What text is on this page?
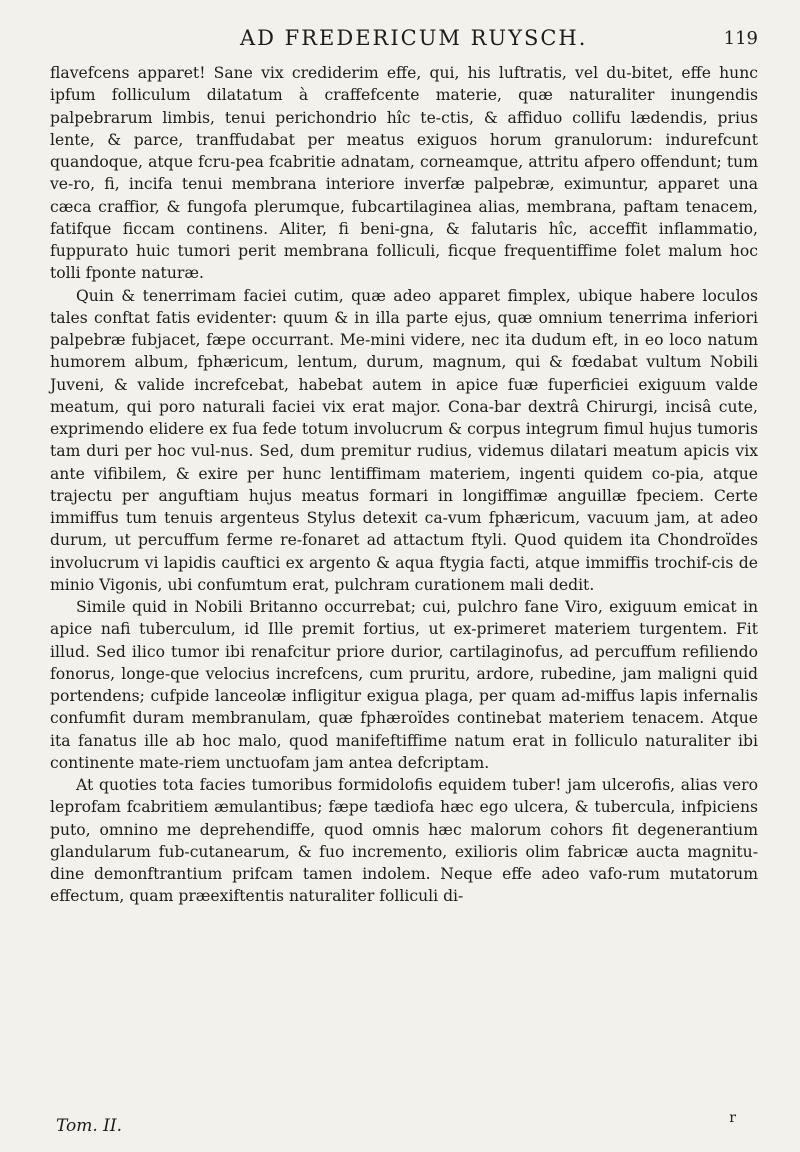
AD FREDERICUM RUYSCH.	119

flavefcens apparet! Sane vix crediderim effe, qui, his luftratis, vel du-bitet, effe hunc ipfum folliculum dilatatum à craffefcente materie, quæ naturaliter inungendis palpebrarum limbis, tenui perichondrio hîc te-ctis, & affiduo collifu lædendis, prius lente, & parce, tranffudabat per meatus exiguos horum granulorum: indurefcunt quandoque, atque fcru-pea fcabritie adnatam, corneamque, attritu afpero offendunt; tum ve-ro, fi, incifa tenui membrana interiore inverfæ palpebræ, eximuntur, apparet una cæca craffior, & fungofa plerumque, fubcartilaginea alias, membrana, paftam tenacem, fatifque ficcam continens. Aliter, fi beni-gna, & falutaris hîc, acceffit inflammatio, fuppurato huic tumori perit membrana folliculi, ficque frequentiffime folet malum hoc tolli fponte naturæ.

Quin & tenerrimam faciei cutim, quæ adeo apparet fimplex, ubique habere loculos tales conftat fatis evidenter: quum & in illa parte ejus, quæ omnium tenerrima inferiori palpebræ fubjacet, fæpe occurrant. Me-mini videre, nec ita dudum eft, in eo loco natum humorem album, fphæricum, lentum, durum, magnum, qui & fœdabat vultum Nobili Juveni, & valide increfcebat, habebat autem in apice fuæ fuperficiei exiguum valde meatum, qui poro naturali faciei vix erat major. Cona-bar dextrâ Chirurgi, incisâ cute, exprimendo elidere ex fua fede totum involucrum & corpus integrum fimul hujus tumoris tam duri per hoc vul-nus. Sed, dum premitur rudius, videmus dilatari meatum apicis vix ante vifibilem, & exire per hunc lentiffimam materiem, ingenti quidem co-pia, atque trajectu per anguftiam hujus meatus formari in longiffimæ anguillæ fpeciem. Certe immiffus tum tenuis argenteus Stylus detexit ca-vum fphæricum, vacuum jam, at adeo durum, ut percuffum ferme re-fonaret ad attactum ftyli. Quod quidem ita Chondroïdes involucrum vi lapidis cauftici ex argento & aqua ftygia facti, atque immiffis trochif-cis de minio Vigonis, ubi confumtum erat, pulchram curationem mali dedit.

Simile quid in Nobili Britanno occurrebat; cui, pulchro fane Viro, exiguum emicat in apice nafi tuberculum, id Ille premit fortius, ut ex-primeret materiem turgentem. Fit illud. Sed ilico tumor ibi renafcitur priore durior, cartilaginofus, ad percuffum refiliendo fonorus, longe-que velocius increfcens, cum pruritu, ardore, rubedine, jam maligni quid portendens; cufpide lanceolæ infligitur exigua plaga, per quam ad-miffus lapis infernalis confumfit duram membranulam, quæ fphæroïdes continebat materiem tenacem. Atque ita fanatus ille ab hoc malo, quod manifeftiffime natum erat in folliculo naturaliter ibi continente mate-riem unctuofam jam antea defcriptam.

At quoties tota facies tumoribus formidolofis equidem tuber! jam ulcerofis, alias vero leprofam fcabritiem æmulantibus; fæpe tædiofa hæc ego ulcera, & tubercula, infpiciens puto, omnino me deprehendiffe, quod omnis hæc malorum cohors fit degenerantium glandularum fub-cutanearum, & fuo incremento, exilioris olim fabricæ aucta magnitu-dine demonftrantium prifcam tamen indolem. Neque effe adeo vafo-rum mutatorum effectum, quam præexiftentis naturaliter folliculi di-

Tom. II.	r
